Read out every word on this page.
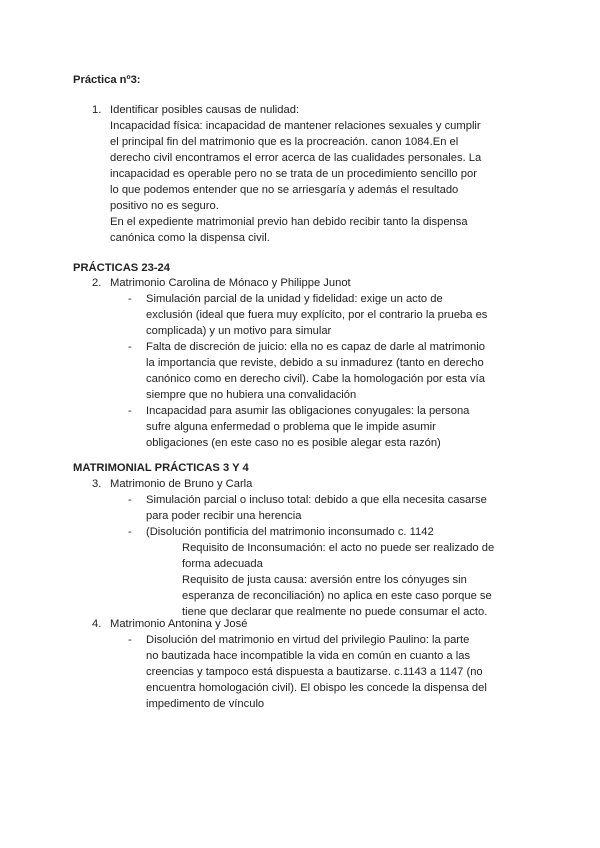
Práctica nº3:
1. Identificar posibles causas de nulidad:
Incapacidad física: incapacidad de mantener relaciones sexuales y cumplir
el principal fin del matrimonio que es la procreación. canon 1084.En el
derecho civil encontramos el error acerca de las cualidades personales. La
incapacidad es operable pero no se trata de un procedimiento sencillo por
lo que podemos entender que no se arriesgaría y además el resultado
positivo no es seguro.
En el expediente matrimonial previo han debido recibir tanto la dispensa
canónica como la dispensa civil.
PRÁCTICAS 23-24
2. Matrimonio Carolina de Mónaco y Philippe Junot
- Simulación parcial de la unidad y fidelidad: exige un acto de
exclusión (ideal que fuera muy explícito, por el contrario la prueba es
complicada) y un motivo para simular
- Falta de discreción de juicio: ella no es capaz de darle al matrimonio
la importancia que reviste, debido a su inmadurez (tanto en derecho
canónico como en derecho civil). Cabe la homologación por esta vía
siempre que no hubiera una convalidación
- Incapacidad para asumir las obligaciones conyugales: la persona
sufre alguna enfermedad o problema que le impide asumir
obligaciones (en este caso no es posible alegar esta razón)
MATRIMONIAL PRÁCTICAS 3 Y 4
3. Matrimonio de Bruno y Carla
- Simulación parcial o incluso total: debido a que ella necesita casarse
para poder recibir una herencia
- (Disolución pontificia del matrimonio inconsumado c. 1142
Requisito de Inconsumación: el acto no puede ser realizado de
forma adecuada
Requisito de justa causa: aversión entre los cónyuges sin
esperanza de reconciliación) no aplica en este caso porque se
tiene que declarar que realmente no puede consumar el acto.
4. Matrimonio Antonina y José
- Disolución del matrimonio en virtud del privilegio Paulino: la parte
no bautizada hace incompatible la vida en común en cuanto a las
creencias y tampoco está dispuesta a bautizarse. c.1143 a 1147 (no
encuentra homologación civil). El obispo les concede la dispensa del
impedimento de vínculo
